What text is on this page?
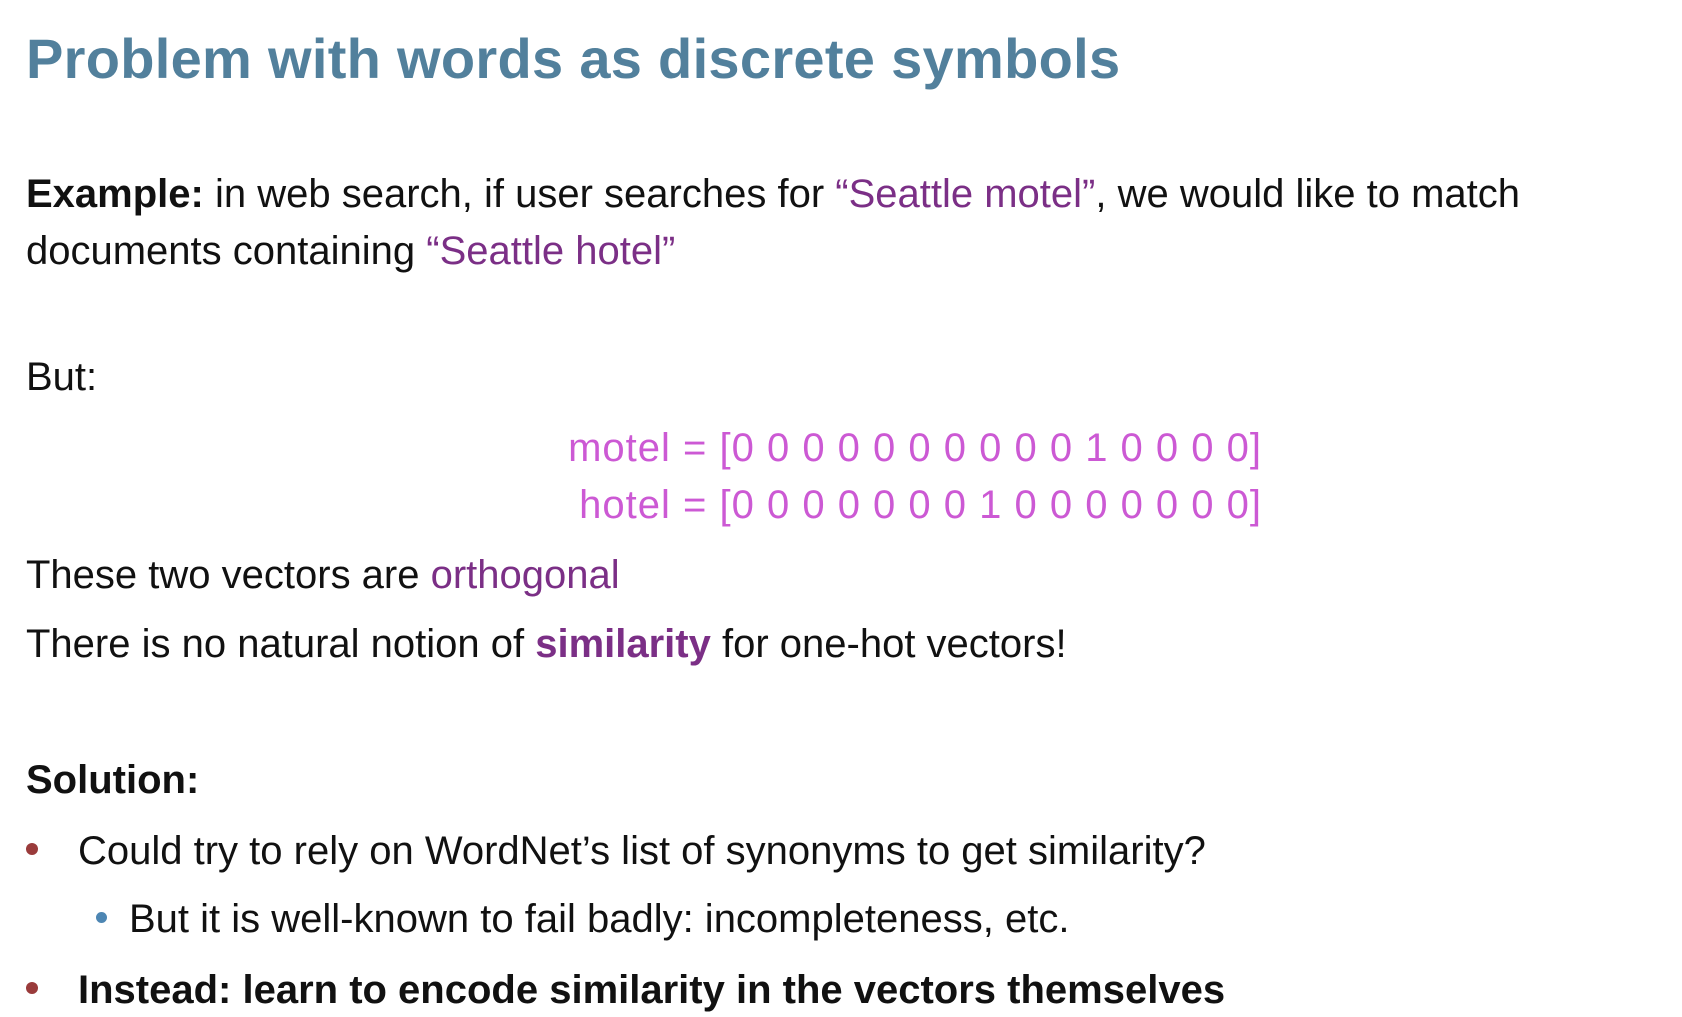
Problem with words as discrete symbols
Example: in web search, if user searches for “Seattle motel”, we would like to match
documents containing “Seattle hotel”
But:
motel = [0 0 0 0 0 0 0 0 0 0 1 0 0 0 0]
hotel = [0 0 0 0 0 0 0 1 0 0 0 0 0 0 0]
These two vectors are orthogonal
There is no natural notion of similarity for one-hot vectors!
Solution:
Could try to rely on WordNet’s list of synonyms to get similarity?
But it is well-known to fail badly: incompleteness, etc.
Instead: learn to encode similarity in the vectors themselves
